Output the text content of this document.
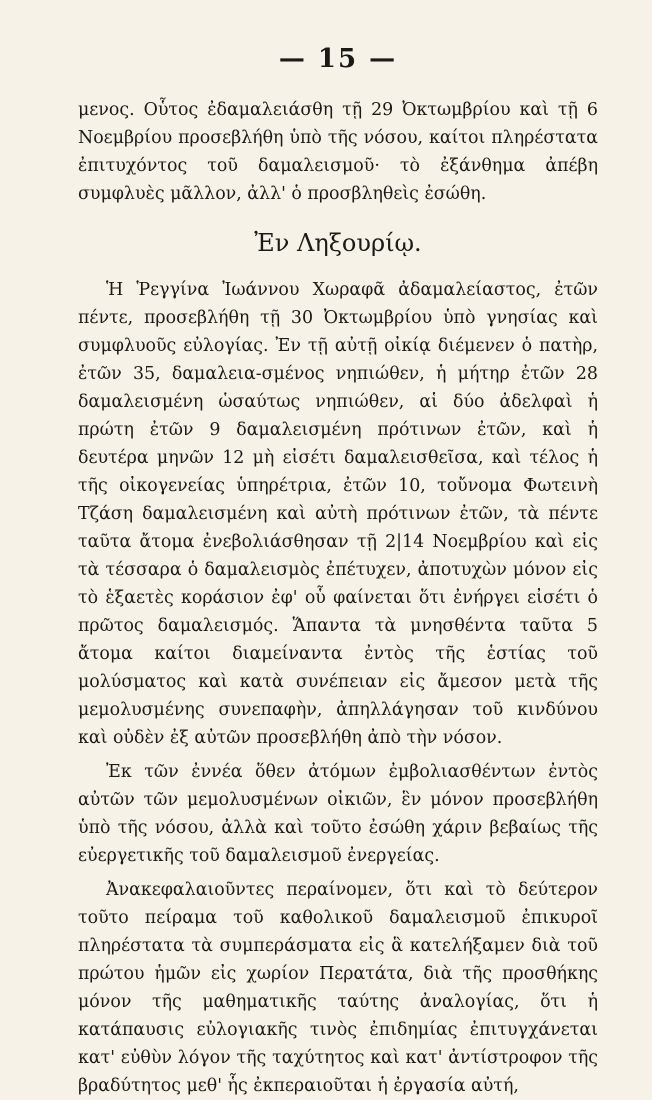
— 15 —

μενος. Οὗτος ἐδαμαλειάσθη τῇ 29 Ὀκτωμβρίου καὶ τῇ 6 Νοεμβρίου προσεβλήθη ὑπὸ τῆς νόσου, καίτοι πληρέστατα ἐπιτυχόντος τοῦ δαμαλεισμοῦ· τὸ ἐξάνθημα ἀπέβη συμφλυὲς μᾶλλον, ἀλλ' ὁ προσβληθεὶς ἐσώθη.

Ἐν Ληξουρίῳ.

Ἡ Ῥεγγίνα Ἰωάννου Χωραφᾶ ἀδαμαλείαστος, ἐτῶν πέντε, προσεβλήθη τῇ 30 Ὀκτωμβρίου ὑπὸ γνησίας καὶ συμφλυοῦς εὐλογίας. Ἐν τῇ αὐτῇ οἰκίᾳ διέμενεν ὁ πατὴρ, ἐτῶν 35, δαμαλεια-σμένος νηπιώθεν, ἡ μήτηρ ἐτῶν 28 δαμαλεισμένη ὡσαύτως νηπιώθεν, αἱ δύο ἀδελφαὶ ἡ πρώτη ἐτῶν 9 δαμαλεισμένη πρότινων ἐτῶν, καὶ ἡ δευτέρα μηνῶν 12 μὴ εἰσέτι δαμαλεισθεῖσα, καὶ τέλος ἡ τῆς οἰκογενείας ὑπηρέτρια, ἐτῶν 10, τοὔνομα Φωτεινὴ Τζάση δαμαλεισμένη καὶ αὐτὴ πρότινων ἐτῶν, τὰ πέντε ταῦτα ἄτομα ἐνεβολιάσθησαν τῇ 2|14 Νοεμβρίου καὶ εἰς τὰ τέσσαρα ὁ δαμαλεισμὸς ἐπέτυχεν, ἀποτυχὼν μόνον εἰς τὸ ἑξαετὲς κοράσιον ἐφ' οὗ φαίνεται ὅτι ἐνήργει εἰσέτι ὁ πρῶτος δαμαλεισμός. Ἅπαντα τὰ μνησθέντα ταῦτα 5 ἄτομα καίτοι διαμείναντα ἐντὸς τῆς ἑστίας τοῦ μολύσματος καὶ κατὰ συνέπειαν εἰς ἄμεσον μετὰ τῆς μεμολυσμένης συνεπαφὴν, ἀπηλλάγησαν τοῦ κινδύνου καὶ οὐδὲν ἐξ αὐτῶν προσεβλήθη ἀπὸ τὴν νόσον.

Ἐκ τῶν ἐννέα ὅθεν ἀτόμων ἐμβολιασθέντων ἐντὸς αὐτῶν τῶν μεμολυσμένων οἰκιῶν, ἓν μόνον προσεβλήθη ὑπὸ τῆς νόσου, ἀλλὰ καὶ τοῦτο ἐσώθη χάριν βεβαίως τῆς εὐεργετικῆς τοῦ δαμαλεισμοῦ ἐνεργείας.

Ἀνακεφαλαιοῦντες περαίνομεν, ὅτι καὶ τὸ δεύτερον τοῦτο πείραμα τοῦ καθολικοῦ δαμαλεισμοῦ ἐπικυροῖ πληρέστατα τὰ συμπεράσματα εἰς ἃ κατελήξαμεν διὰ τοῦ πρώτου ἡμῶν εἰς χωρίον Περατάτα, διὰ τῆς προσθήκης μόνον τῆς μαθηματικῆς ταύτης ἀναλογίας, ὅτι ἡ κατάπαυσις εὐλογιακῆς τινὸς ἐπιδημίας ἐπιτυγχάνεται κατ' εὐθὺν λόγον τῆς ταχύτητος καὶ κατ' ἀντίστροφον τῆς βραδύτητος μεθ' ἧς ἐκπεραιοῦται ἡ ἐργασία αὐτή,
